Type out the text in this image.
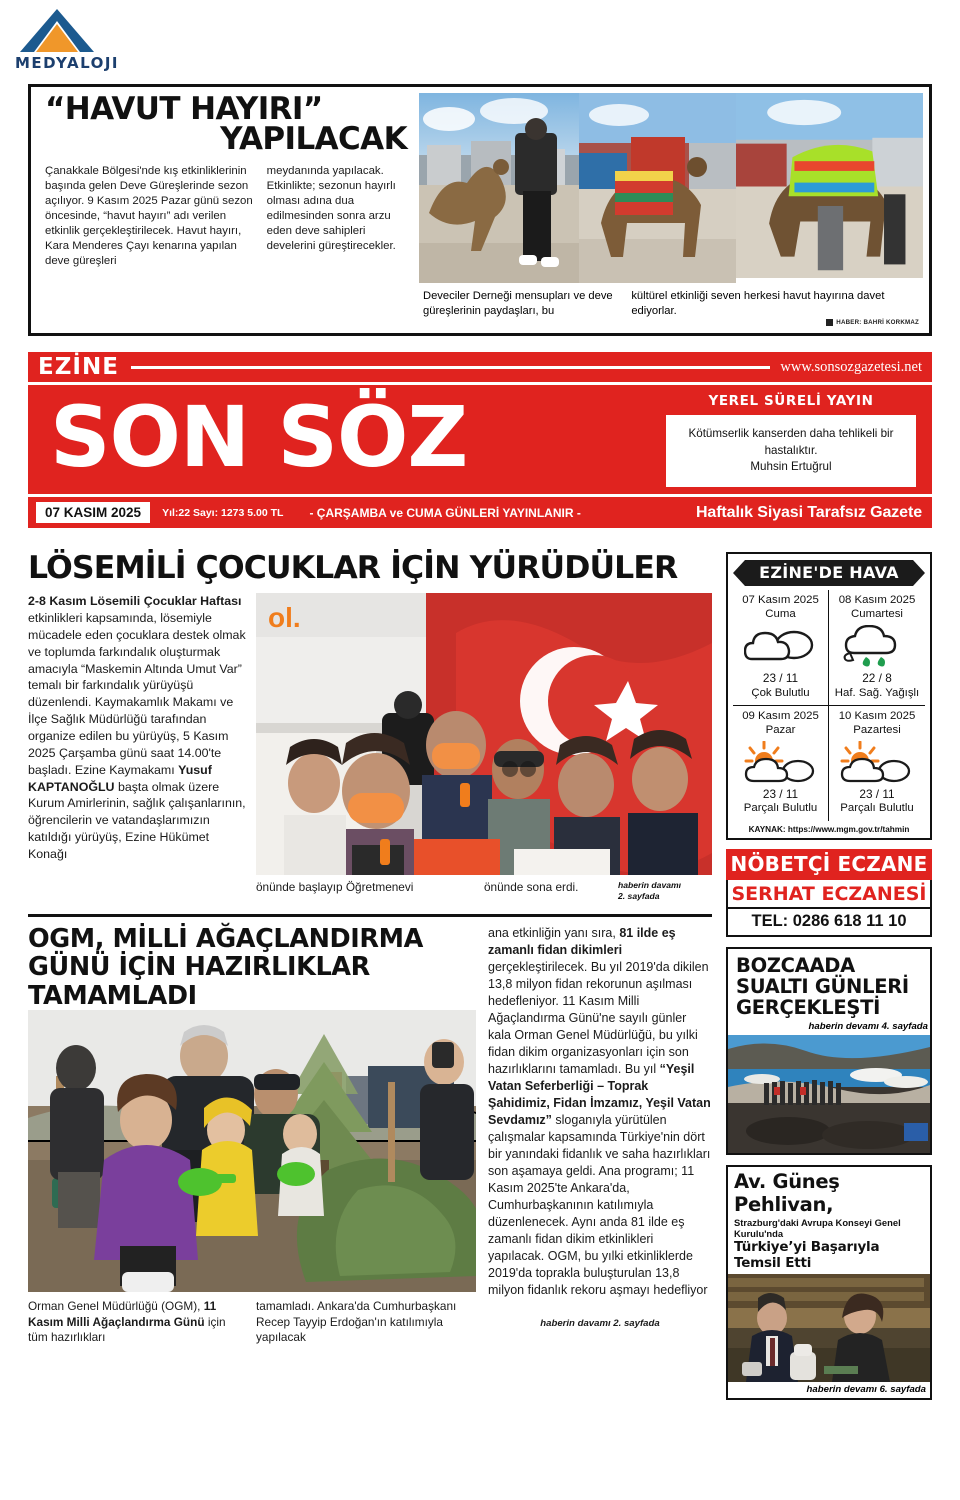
MEDYALOJI
“HAVUT HAYIRI”
YAPILACAK
Çanakkale Bölgesi'nde kış etkinliklerinin başında gelen Deve Güreşlerinde sezon açılıyor. 9 Kasım 2025 Pazar günü sezon öncesinde, “havut hayırı” adı verilen etkinlik gerçekleştirilecek. Havut hayırı, Kara Menderes Çayı kenarına yapılan deve güreşleri
meydanında yapılacak. Etkinlikte; sezonun hayırlı olması adına dua edilmesinden sonra arzu eden deve sahipleri develerini güreştirecekler.
Deveciler Derneği mensupları ve deve güreşlerinin paydaşları, bu
kültürel etkinliği seven herkesi havut hayırına davet ediyorlar.
HABER: BAHRİ KORKMAZ
EZİNE	www.sonsozgazetesi.net
SON SÖZ	YEREL SÜRELİ YAYIN
Kötümserlik kanserden daha tehlikeli bir hastalıktır.
Muhsin Ertuğrul
07 KASIM 2025	Yıl:22 Sayı: 1273 5.00 TL - ÇARŞAMBA ve CUMA GÜNLERİ YAYINLANIR -	Haftalık Siyasi Tarafsız Gazete
LÖSEMİLİ ÇOCUKLAR İÇİN YÜRÜDÜLER
2-8 Kasım Lösemili Çocuklar Haftası etkinlikleri kapsamında, lösemiyle mücadele eden çocuklara destek olmak ve toplumda farkındalık oluşturmak amacıyla “Maskemin Altında Umut Var” temalı bir farkındalık yürüyüşü düzenlendi. Kaymakamlık Makamı ve İlçe Sağlık Müdürlüğü tarafından organize edilen bu yürüyüş, 5 Kasım 2025 Çarşamba günü saat 14.00'te başladı. Ezine Kaymakamı Yusuf KAPTANOĞLU başta olmak üzere Kurum Amirlerinin, sağlık çalışanlarının, öğrencilerin ve vatandaşlarımızın katıldığı yürüyüş, Ezine Hükümet Konağı
ol.
önünde başlayıp Öğretmenevi	önünde sona erdi.	haberin davamı
2. sayfada
OGM, MİLLİ AĞAÇLANDIRMA
GÜNÜ İÇİN HAZIRLIKLAR
TAMAMLADI
Orman Genel Müdürlüğü (OGM), 11 Kasım Milli Ağaçlandırma Günü için tüm hazırlıkları
tamamladı. Ankara'da Cumhurbaşkanı Recep Tayyip Erdoğan'ın katılımıyla yapılacak
ana etkinliğin yanı sıra, 81 ilde eş zamanlı fidan dikimleri gerçekleştirilecek. Bu yıl 2019'da dikilen 13,8 milyon fidan rekorunun aşılması hedefleniyor. 11 Kasım Milli Ağaçlandırma Günü'ne sayılı günler kala Orman Genel Müdürlüğü, bu yılki fidan dikim organizasyonları için son hazırlıklarını tamamladı. Bu yıl “Yeşil Vatan Seferberliği – Toprak Şahidimiz, Fidan İmzamız, Yeşil Vatan Sevdamız” sloganıyla yürütülen çalışmalar kapsamında Türkiye'nin dört bir yanındaki fidanlık ve saha hazırlıkları son aşamaya geldi. Ana programı; 11 Kasım 2025'te Ankara'da, Cumhurbaşkanının katılımıyla düzenlenecek. Aynı anda 81 ilde eş zamanlı fidan dikim etkinlikleri yapılacak. OGM, bu yılki etkinliklerde 2019'da toprakla buluşturulan 13,8 milyon fidanlık rekoru aşmayı hedefliyor
haberin davamı 2. sayfada
EZİNE'DE HAVA
07 Kasım 2025
Cuma
23 / 11
Çok Bulutlu
08 Kasım 2025
Cumartesi
22 / 8
Haf. Sağ. Yağışlı
09 Kasım 2025
Pazar
23 / 11
Parçalı Bulutlu
10 Kasım 2025
Pazartesi
23 / 11
Parçalı Bulutlu
KAYNAK: https://www.mgm.gov.tr/tahmin
NÖBETÇİ ECZANE
SERHAT ECZANESİ
TEL: 0286 618 11 10
BOZCAADA
SUALTI GÜNLERİ
GERÇEKLEŞTİ
haberin devamı 4. sayfada
Av. Güneş Pehlivan,
Strazburg'daki Avrupa Konseyi Genel Kurulu'nda
Türkiye’yi Başarıyla Temsil Etti
haberin devamı 6. sayfada
